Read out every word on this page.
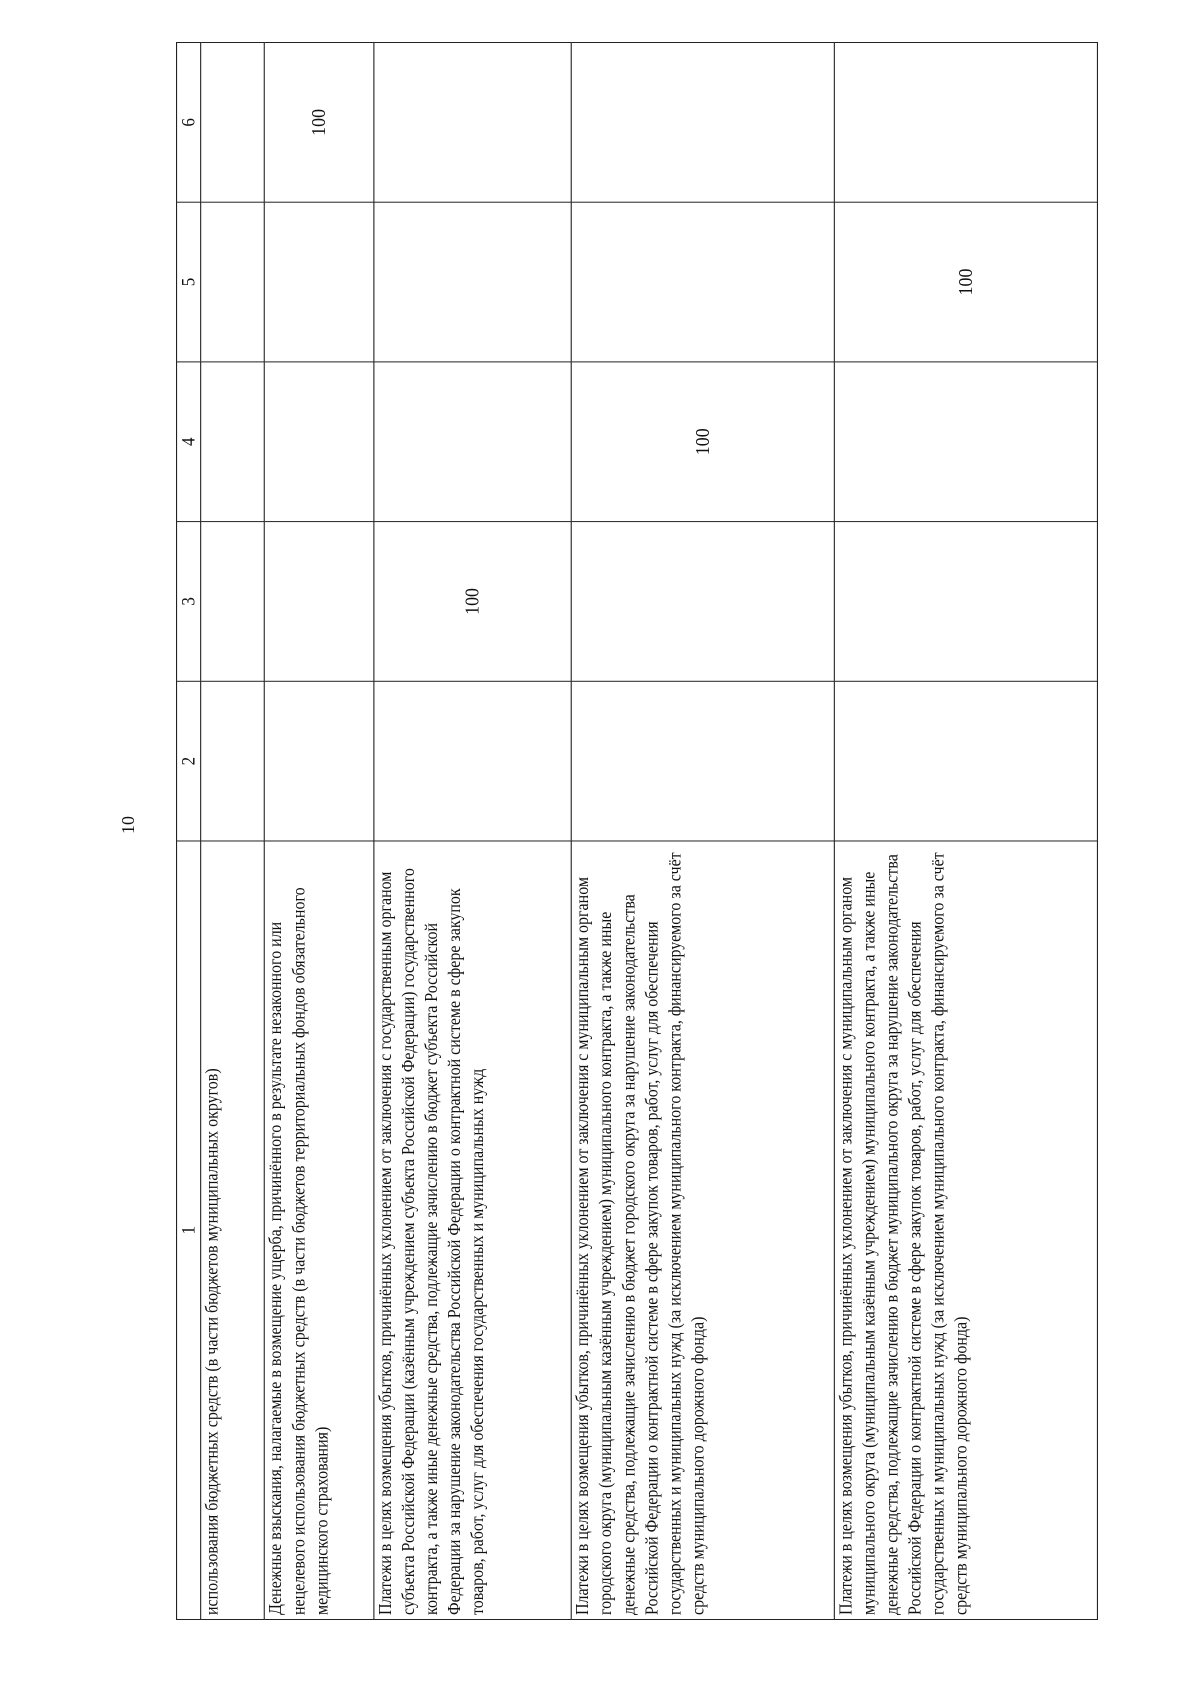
10
1	2	3	4	5	6
использования бюджетных средств (в части бюджетов муниципальных округов)					
Денежные взыскания, налагаемые в возмещение ущерба, причинённого в результате незаконного или нецелевого использования бюджетных средств (в части бюджетов территориальных фондов обязательного медицинского страхования)					100
Платежи в целях возмещения убытков, причинённых уклонением от заключения с государственным органом субъекта Российской Федерации (казённым учреждением субъекта Российской Федерации) государственного контракта, а также иные денежные средства, подлежащие зачислению в бюджет субъекта Российской Федерации за нарушение законодательства Российской Федерации о контрактной системе в сфере закупок товаров, работ, услуг для обеспечения государственных и муниципальных нужд		100			
Платежи в целях возмещения убытков, причинённых уклонением от заключения с муниципальным органом городского округа (муниципальным казённым учреждением) муниципального контракта, а также иные денежные средства, подлежащие зачислению в бюджет городского округа за нарушение законодательства Российской Федерации о контрактной системе в сфере закупок товаров, работ, услуг для обеспечения государственных и муниципальных нужд (за исключением муниципального контракта, финансируемого за счёт средств муниципального дорожного фонда)			100		
Платежи в целях возмещения убытков, причинённых уклонением от заключения с муниципальным органом муниципального округа (муниципальным казённым учреждением) муниципального контракта, а также иные денежные средства, подлежащие зачислению в бюджет муниципального округа за нарушение законодательства Российской Федерации о контрактной системе в сфере закупок товаров, работ, услуг для обеспечения государственных и муниципальных нужд (за исключением муниципального контракта, финансируемого за счёт средств муниципального дорожного фонда)				100	
